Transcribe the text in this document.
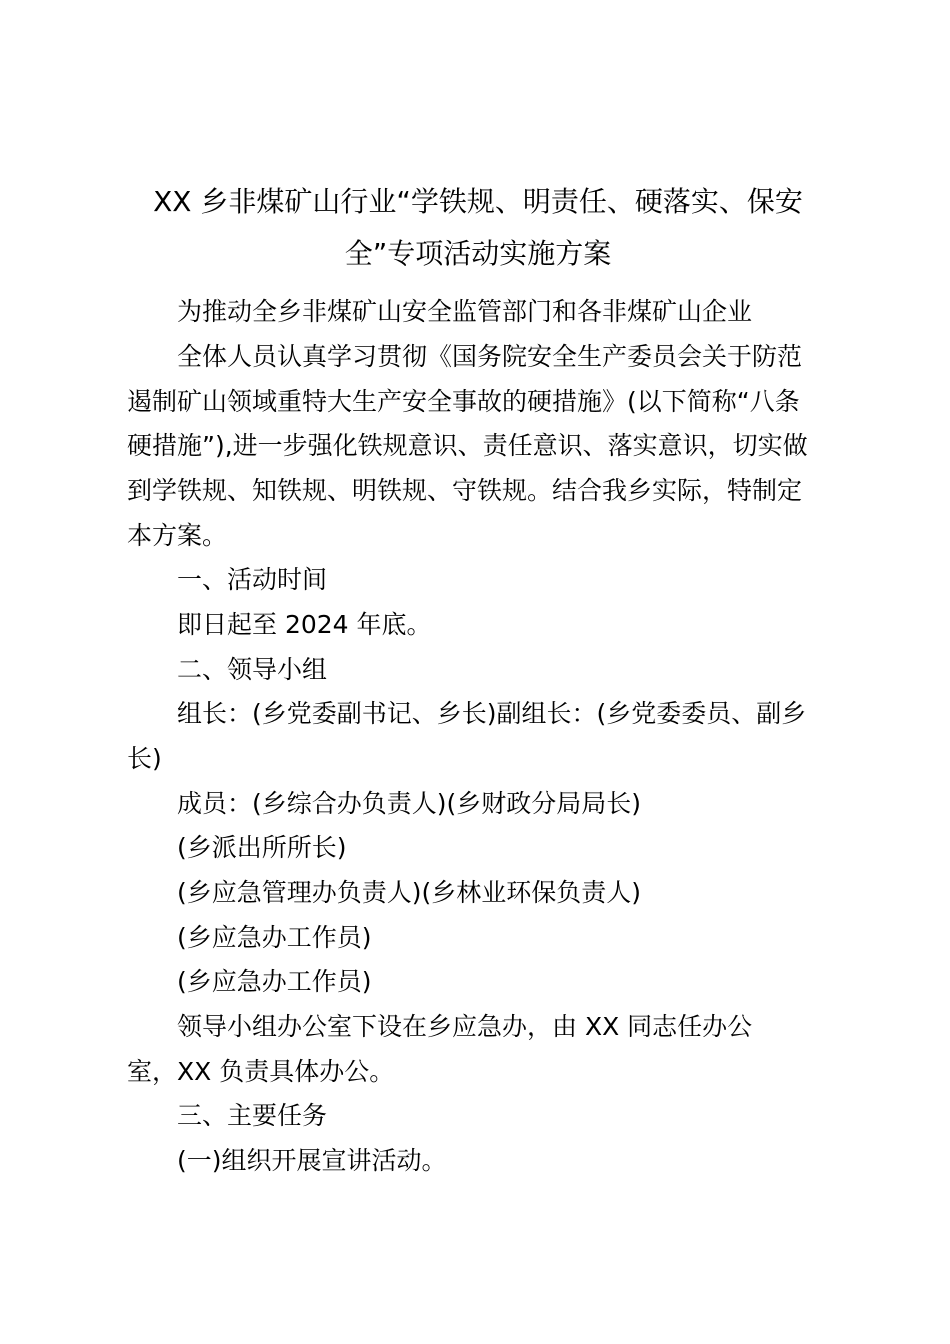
XX 乡非煤矿山行业“学铁规、明责任、硬落实、保安
全”专项活动实施方案

为推动全乡非煤矿山安全监管部门和各非煤矿山企业

全体人员认真学习贯彻《国务院安全生产委员会关于防范

遏制矿山领域重特大生产安全事故的硬措施》(以下简称“八条

硬措施”),进一步强化铁规意识、责任意识、落实意识，切实做

到学铁规、知铁规、明铁规、守铁规。结合我乡实际，特制定

本方案。

一、活动时间

即日起至 2024 年底。

二、领导小组

组长：(乡党委副书记、乡长)副组长：(乡党委委员、副乡

长)

成员：(乡综合办负责人)(乡财政分局局长)

(乡派出所所长)

(乡应急管理办负责人)(乡林业环保负责人)

(乡应急办工作员)

(乡应急办工作员)

领导小组办公室下设在乡应急办，由 XX 同志任办公

室，XX 负责具体办公。

三、主要任务

(一)组织开展宣讲活动。
